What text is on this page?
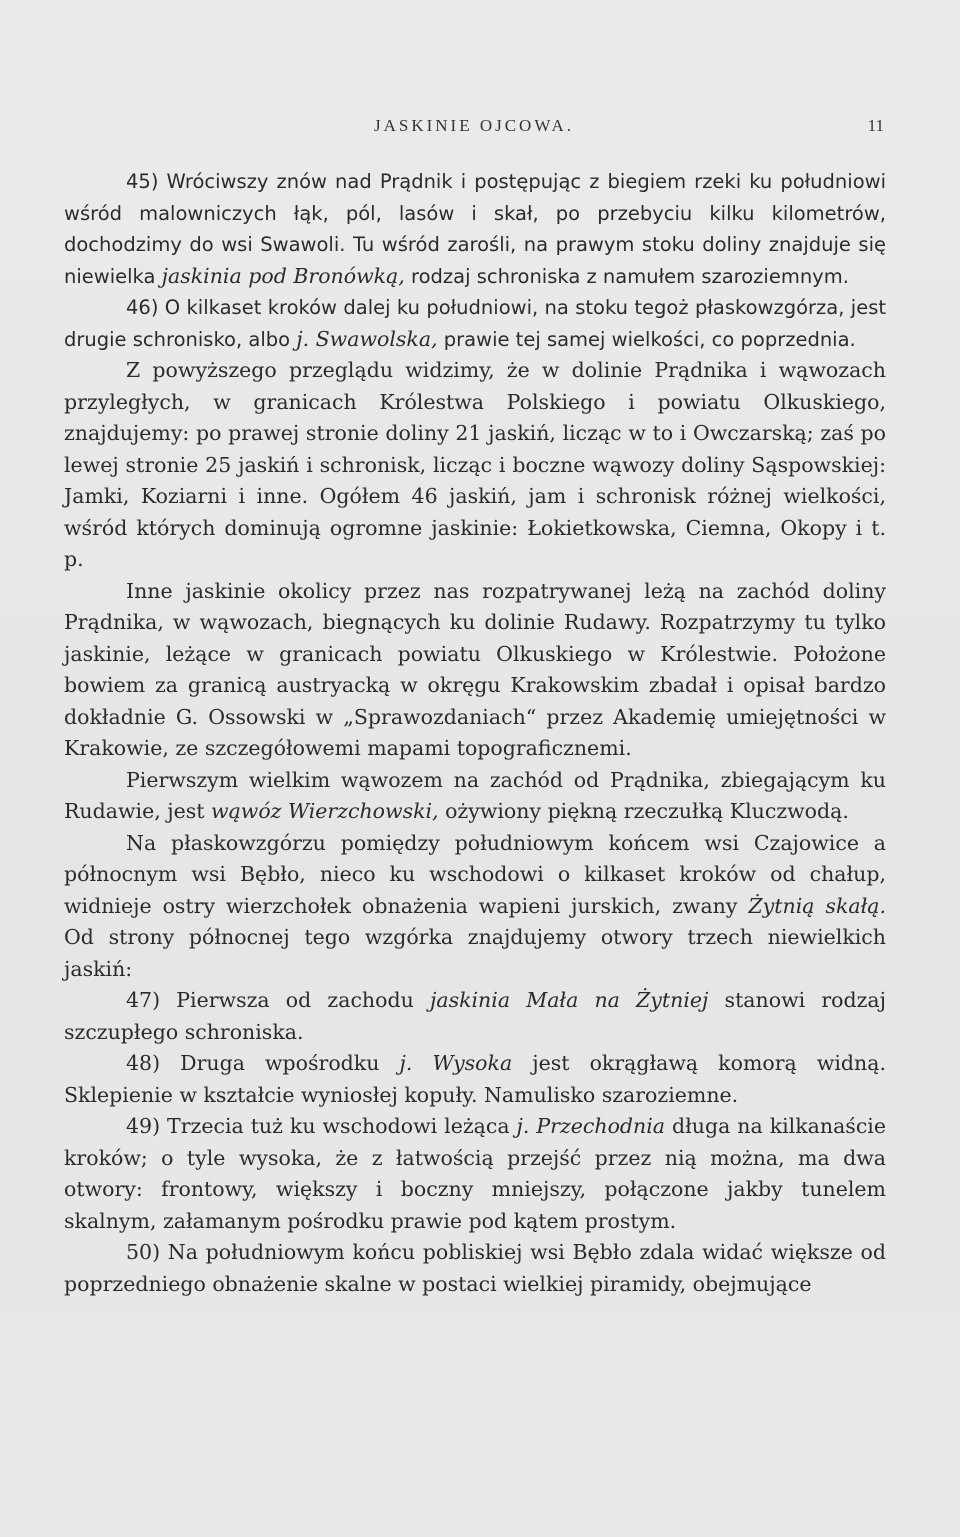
JASKINIE OJCOWA.	11

45) Wróciwszy znów nad Prądnik i postępując z biegiem rzeki ku południowi wśród malowniczych łąk, pól, lasów i skał, po przebyciu kilku kilometrów, dochodzimy do wsi Swawoli. Tu wśród zarośli, na prawym stoku doliny znajduje się niewielka jaskinia pod Bronówką, rodzaj schroniska z namułem szaroziemnym.

46) O kilkaset kroków dalej ku południowi, na stoku tegoż płaskowzgórza, jest drugie schronisko, albo j. Swawolska, prawie tej samej wielkości, co poprzednia.

Z powyższego przeglądu widzimy, że w dolinie Prądnika i wąwozach przyległych, w granicach Królestwa Polskiego i powiatu Olkuskiego, znajdujemy: po prawej stronie doliny 21 jaskiń, licząc w to i Owczarską; zaś po lewej stronie 25 jaskiń i schronisk, licząc i boczne wąwozy doliny Sąspowskiej: Jamki, Koziarni i inne. Ogółem 46 jaskiń, jam i schronisk różnej wielkości, wśród których dominują ogromne jaskinie: Łokietkowska, Ciemna, Okopy i t. p.

Inne jaskinie okolicy przez nas rozpatrywanej leżą na zachód doliny Prądnika, w wąwozach, biegnących ku dolinie Rudawy. Rozpatrzymy tu tylko jaskinie, leżące w granicach powiatu Olkuskiego w Królestwie. Położone bowiem za granicą austryacką w okręgu Krakowskim zbadał i opisał bardzo dokładnie G. Ossowski w „Sprawozdaniach“ przez Akademię umiejętności w Krakowie, ze szczegółowemi mapami topograficznemi.

Pierwszym wielkim wąwozem na zachód od Prądnika, zbiegającym ku Rudawie, jest wąwóz Wierzchowski, ożywiony piękną rzeczułką Kluczwodą.

Na płaskowzgórzu pomiędzy południowym końcem wsi Czajowice a północnym wsi Bębło, nieco ku wschodowi o kilkaset kroków od chałup, widnieje ostry wierzchołek obnażenia wapieni jurskich, zwany Żytnią skałą. Od strony północnej tego wzgórka znajdujemy otwory trzech niewielkich jaskiń:

47) Pierwsza od zachodu jaskinia Mała na Żytniej stanowi rodzaj szczupłego schroniska.

48) Druga wpośrodku j. Wysoka jest okrągławą komorą widną. Sklepienie w kształcie wyniosłej kopuły. Namulisko szaroziemne.

49) Trzecia tuż ku wschodowi leżąca j. Przechodnia długa na kilkanaście kroków; o tyle wysoka, że z łatwością przejść przez nią można, ma dwa otwory: frontowy, większy i boczny mniejszy, połączone jakby tunelem skalnym, załamanym pośrodku prawie pod kątem prostym.

50) Na południowym końcu pobliskiej wsi Bębło zdala widać większe od poprzedniego obnażenie skalne w postaci wielkiej piramidy, obejmujące
